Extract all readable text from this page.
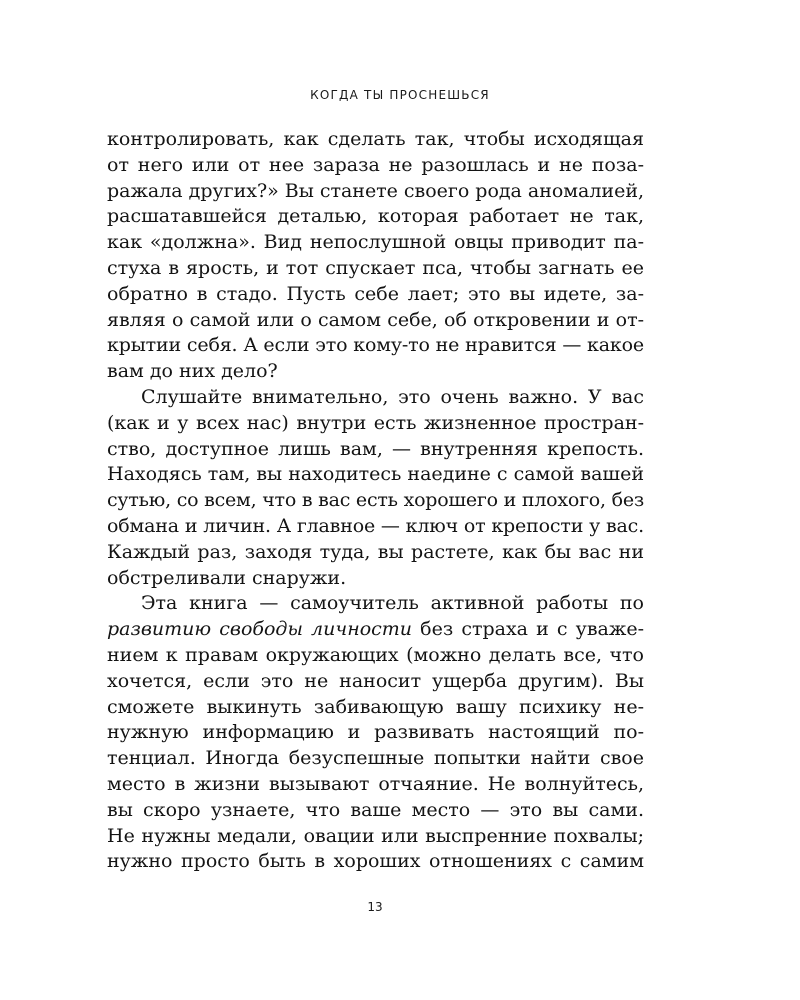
КОГДА ТЫ ПРОСНЕШЬСЯ
контролировать, как сделать так, чтобы исходящая
от него или от нее зараза не разошлась и не поза-
ражала других?» Вы станете своего рода аномалией,
расшатавшейся деталью, которая работает не так,
как «должна». Вид непослушной овцы приводит па-
стуха в ярость, и тот спускает пса, чтобы загнать ее
обратно в стадо. Пусть себе лает; это вы идете, за-
являя о самой или о самом себе, об откровении и от-
крытии себя. А если это кому-то не нравится — какое
вам до них дело?
Слушайте внимательно, это очень важно. У вас
(как и у всех нас) внутри есть жизненное простран-
ство, доступное лишь вам, — внутренняя крепость.
Находясь там, вы находитесь наедине с самой вашей
сутью, со всем, что в вас есть хорошего и плохого, без
обмана и личин. А главное — ключ от крепости у вас.
Каждый раз, заходя туда, вы растете, как бы вас ни
обстреливали снаружи.
Эта книга — самоучитель активной работы по
развитию свободы личности без страха и с уваже-
нием к правам окружающих (можно делать все, что
хочется, если это не наносит ущерба другим). Вы
сможете выкинуть забивающую вашу психику не-
нужную информацию и развивать настоящий по-
тенциал. Иногда безуспешные попытки найти свое
место в жизни вызывают отчаяние. Не волнуйтесь,
вы скоро узнаете, что ваше место — это вы сами.
Не нужны медали, овации или выспренние похвалы;
нужно просто быть в хороших отношениях с самим
13
